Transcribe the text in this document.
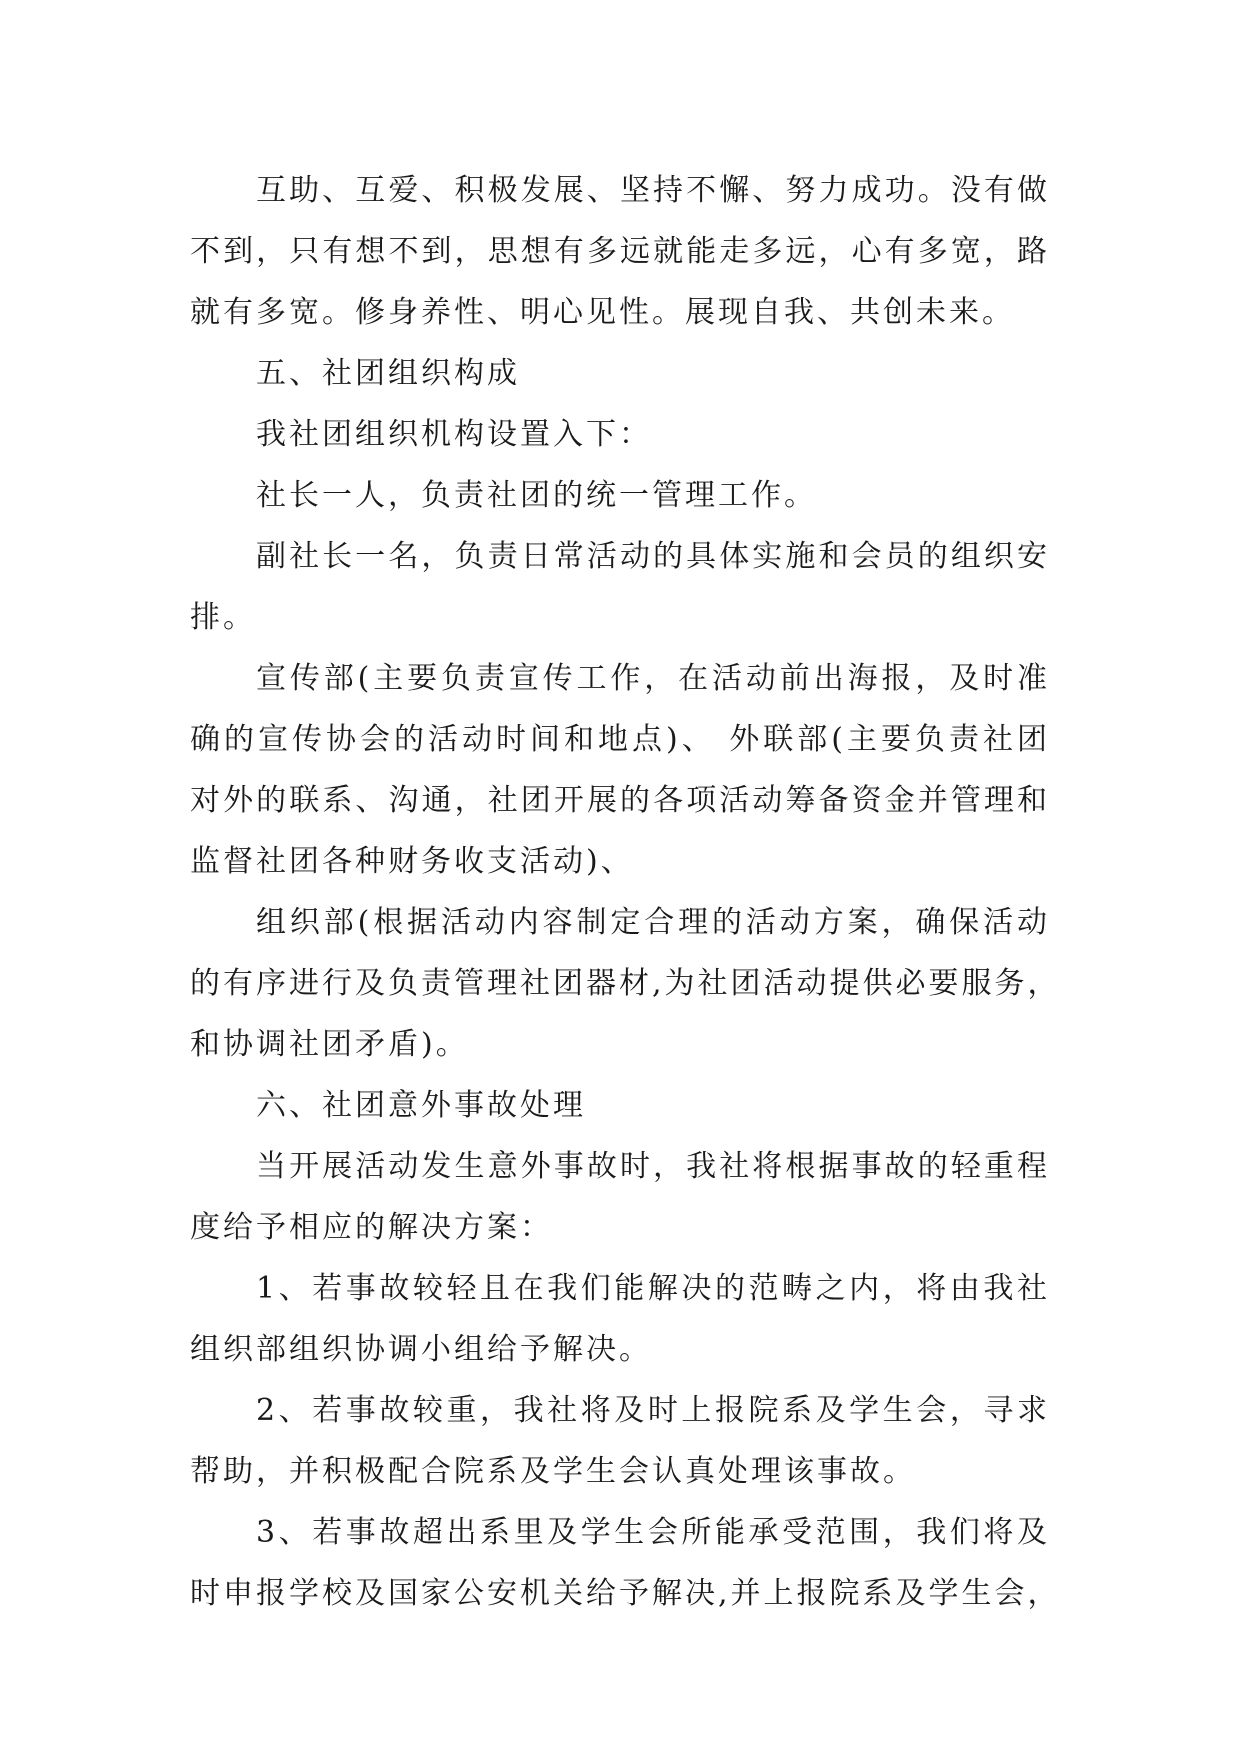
互助、互爱、积极发展、坚持不懈、努力成功。没有做
不到，只有想不到，思想有多远就能走多远，心有多宽，路
就有多宽。修身养性、明心见性。展现自我、共创未来。
五、社团组织构成
我社团组织机构设置入下：
社长一人，负责社团的统一管理工作。
副社长一名，负责日常活动的具体实施和会员的组织安
排。
宣传部(主要负责宣传工作，在活动前出海报，及时准
确的宣传协会的活动时间和地点)、 外联部(主要负责社团
对外的联系、沟通，社团开展的各项活动筹备资金并管理和
监督社团各种财务收支活动)、
组织部(根据活动内容制定合理的活动方案，确保活动
的有序进行及负责管理社团器材,为社团活动提供必要服务，
和协调社团矛盾)。
六、社团意外事故处理
当开展活动发生意外事故时，我社将根据事故的轻重程
度给予相应的解决方案：
1、若事故较轻且在我们能解决的范畴之内，将由我社
组织部组织协调小组给予解决。
2、若事故较重，我社将及时上报院系及学生会，寻求
帮助，并积极配合院系及学生会认真处理该事故。
3、若事故超出系里及学生会所能承受范围，我们将及
时申报学校及国家公安机关给予解决,并上报院系及学生会，
